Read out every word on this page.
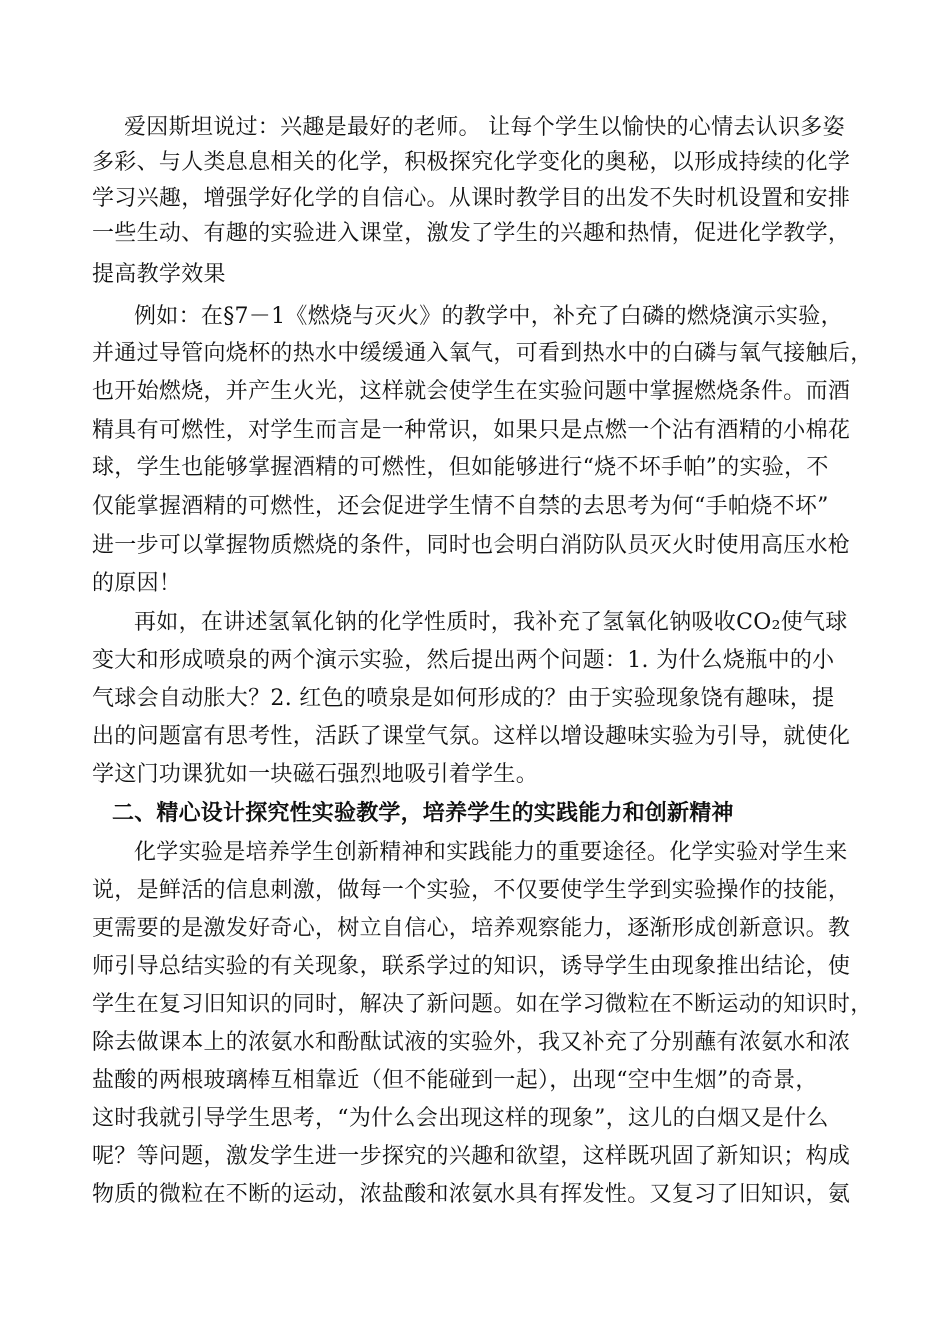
爱因斯坦说过：兴趣是最好的老师。 让每个学生以愉快的心情去认识多姿
多彩、与人类息息相关的化学，积极探究化学变化的奥秘，以形成持续的化学
学习兴趣，增强学好化学的自信心。从课时教学目的出发不失时机设置和安排
一些生动、有趣的实验进入课堂，激发了学生的兴趣和热情，促进化学教学，
提高教学效果
例如：在§7－1《燃烧与灭火》的教学中，补充了白磷的燃烧演示实验，
并通过导管向烧杯的热水中缓缓通入氧气，可看到热水中的白磷与氧气接触后，
也开始燃烧，并产生火光，这样就会使学生在实验问题中掌握燃烧条件。而酒
精具有可燃性，对学生而言是一种常识，如果只是点燃一个沾有酒精的小棉花
球，学生也能够掌握酒精的可燃性，但如能够进行“烧不坏手帕”的实验，不
仅能掌握酒精的可燃性，还会促进学生情不自禁的去思考为何“手帕烧不坏”
进一步可以掌握物质燃烧的条件，同时也会明白消防队员灭火时使用高压水枪
的原因！
再如，在讲述氢氧化钠的化学性质时，我补充了氢氧化钠吸收CO₂使气球
变大和形成喷泉的两个演示实验，然后提出两个问题：1. 为什么烧瓶中的小
气球会自动胀大？2. 红色的喷泉是如何形成的？由于实验现象饶有趣味，提
出的问题富有思考性，活跃了课堂气氛。这样以增设趣味实验为引导，就使化
学这门功课犹如一块磁石强烈地吸引着学生。
二、精心设计探究性实验教学，培养学生的实践能力和创新精神
化学实验是培养学生创新精神和实践能力的重要途径。化学实验对学生来
说，是鲜活的信息刺激，做每一个实验，不仅要使学生学到实验操作的技能，
更需要的是激发好奇心，树立自信心，培养观察能力，逐渐形成创新意识。教
师引导总结实验的有关现象，联系学过的知识，诱导学生由现象推出结论，使
学生在复习旧知识的同时，解决了新问题。如在学习微粒在不断运动的知识时，
除去做课本上的浓氨水和酚酞试液的实验外，我又补充了分别蘸有浓氨水和浓
盐酸的两根玻璃棒互相靠近（但不能碰到一起），出现“空中生烟”的奇景，
这时我就引导学生思考，“为什么会出现这样的现象”，这儿的白烟又是什么
呢？等问题，激发学生进一步探究的兴趣和欲望，这样既巩固了新知识；构成
物质的微粒在不断的运动，浓盐酸和浓氨水具有挥发性。又复习了旧知识，氨
